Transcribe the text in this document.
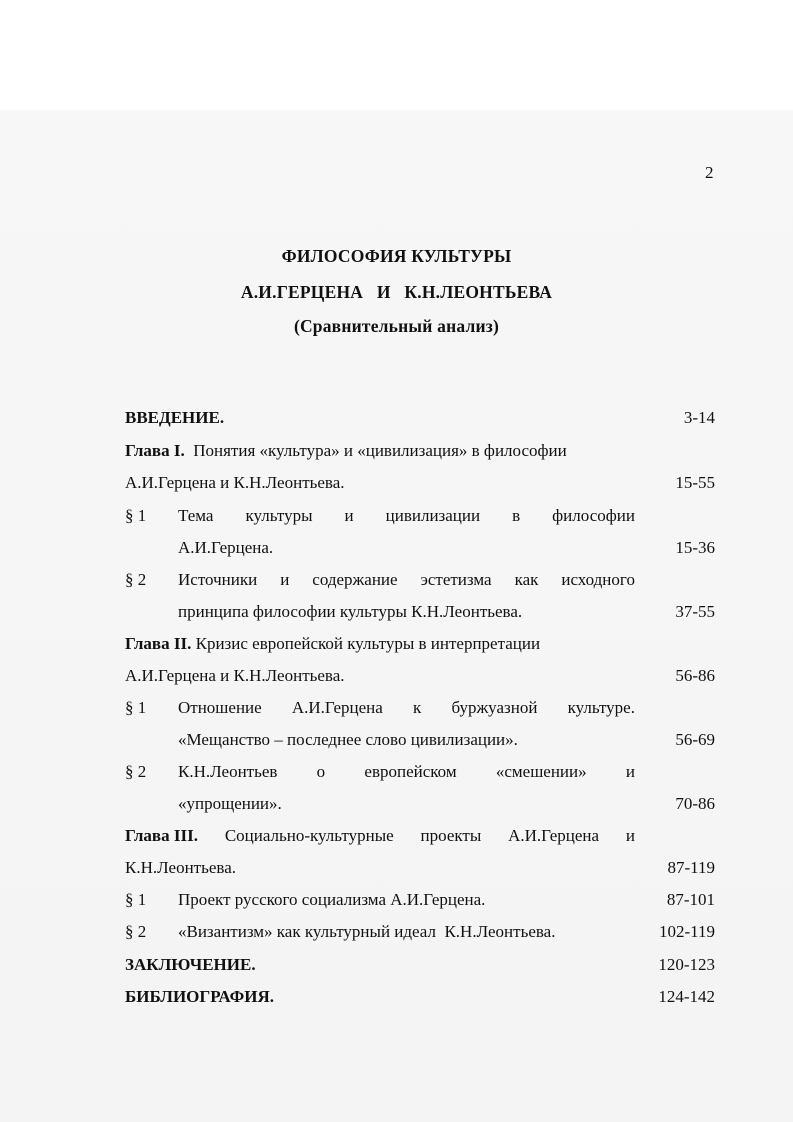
2
ФИЛОСОФИЯ КУЛЬТУРЫ
А.И.ГЕРЦЕНА   И   К.Н.ЛЕОНТЬЕВА
(Сравнительный анализ)
ВВЕДЕНИЕ.	3-14
Глава I. Понятия «культура» и «цивилизация» в философии
А.И.Герцена и К.Н.Леонтьева.	15-55
§ 1 Тема культуры и цивилизации в философии
А.И.Герцена.	15-36
§ 2 Источники и содержание эстетизма как исходного
принципа философии культуры К.Н.Леонтьева.	37-55
Глава II. Кризис европейской культуры в интерпретации
А.И.Герцена и К.Н.Леонтьева.	56-86
§ 1 Отношение А.И.Герцена к буржуазной культуре.
«Мещанство – последнее слово цивилизации».	56-69
§ 2 К.Н.Леонтьев о европейском «смешении» и
«упрощении».	70-86
Глава III. Социально-культурные проекты А.И.Герцена и
К.Н.Леонтьева.	87-119
§ 1 Проект русского социализма А.И.Герцена.	87-101
§ 2 «Византизм» как культурный идеал  К.Н.Леонтьева.	102-119
ЗАКЛЮЧЕНИЕ.	120-123
БИБЛИОГРАФИЯ.	124-142
